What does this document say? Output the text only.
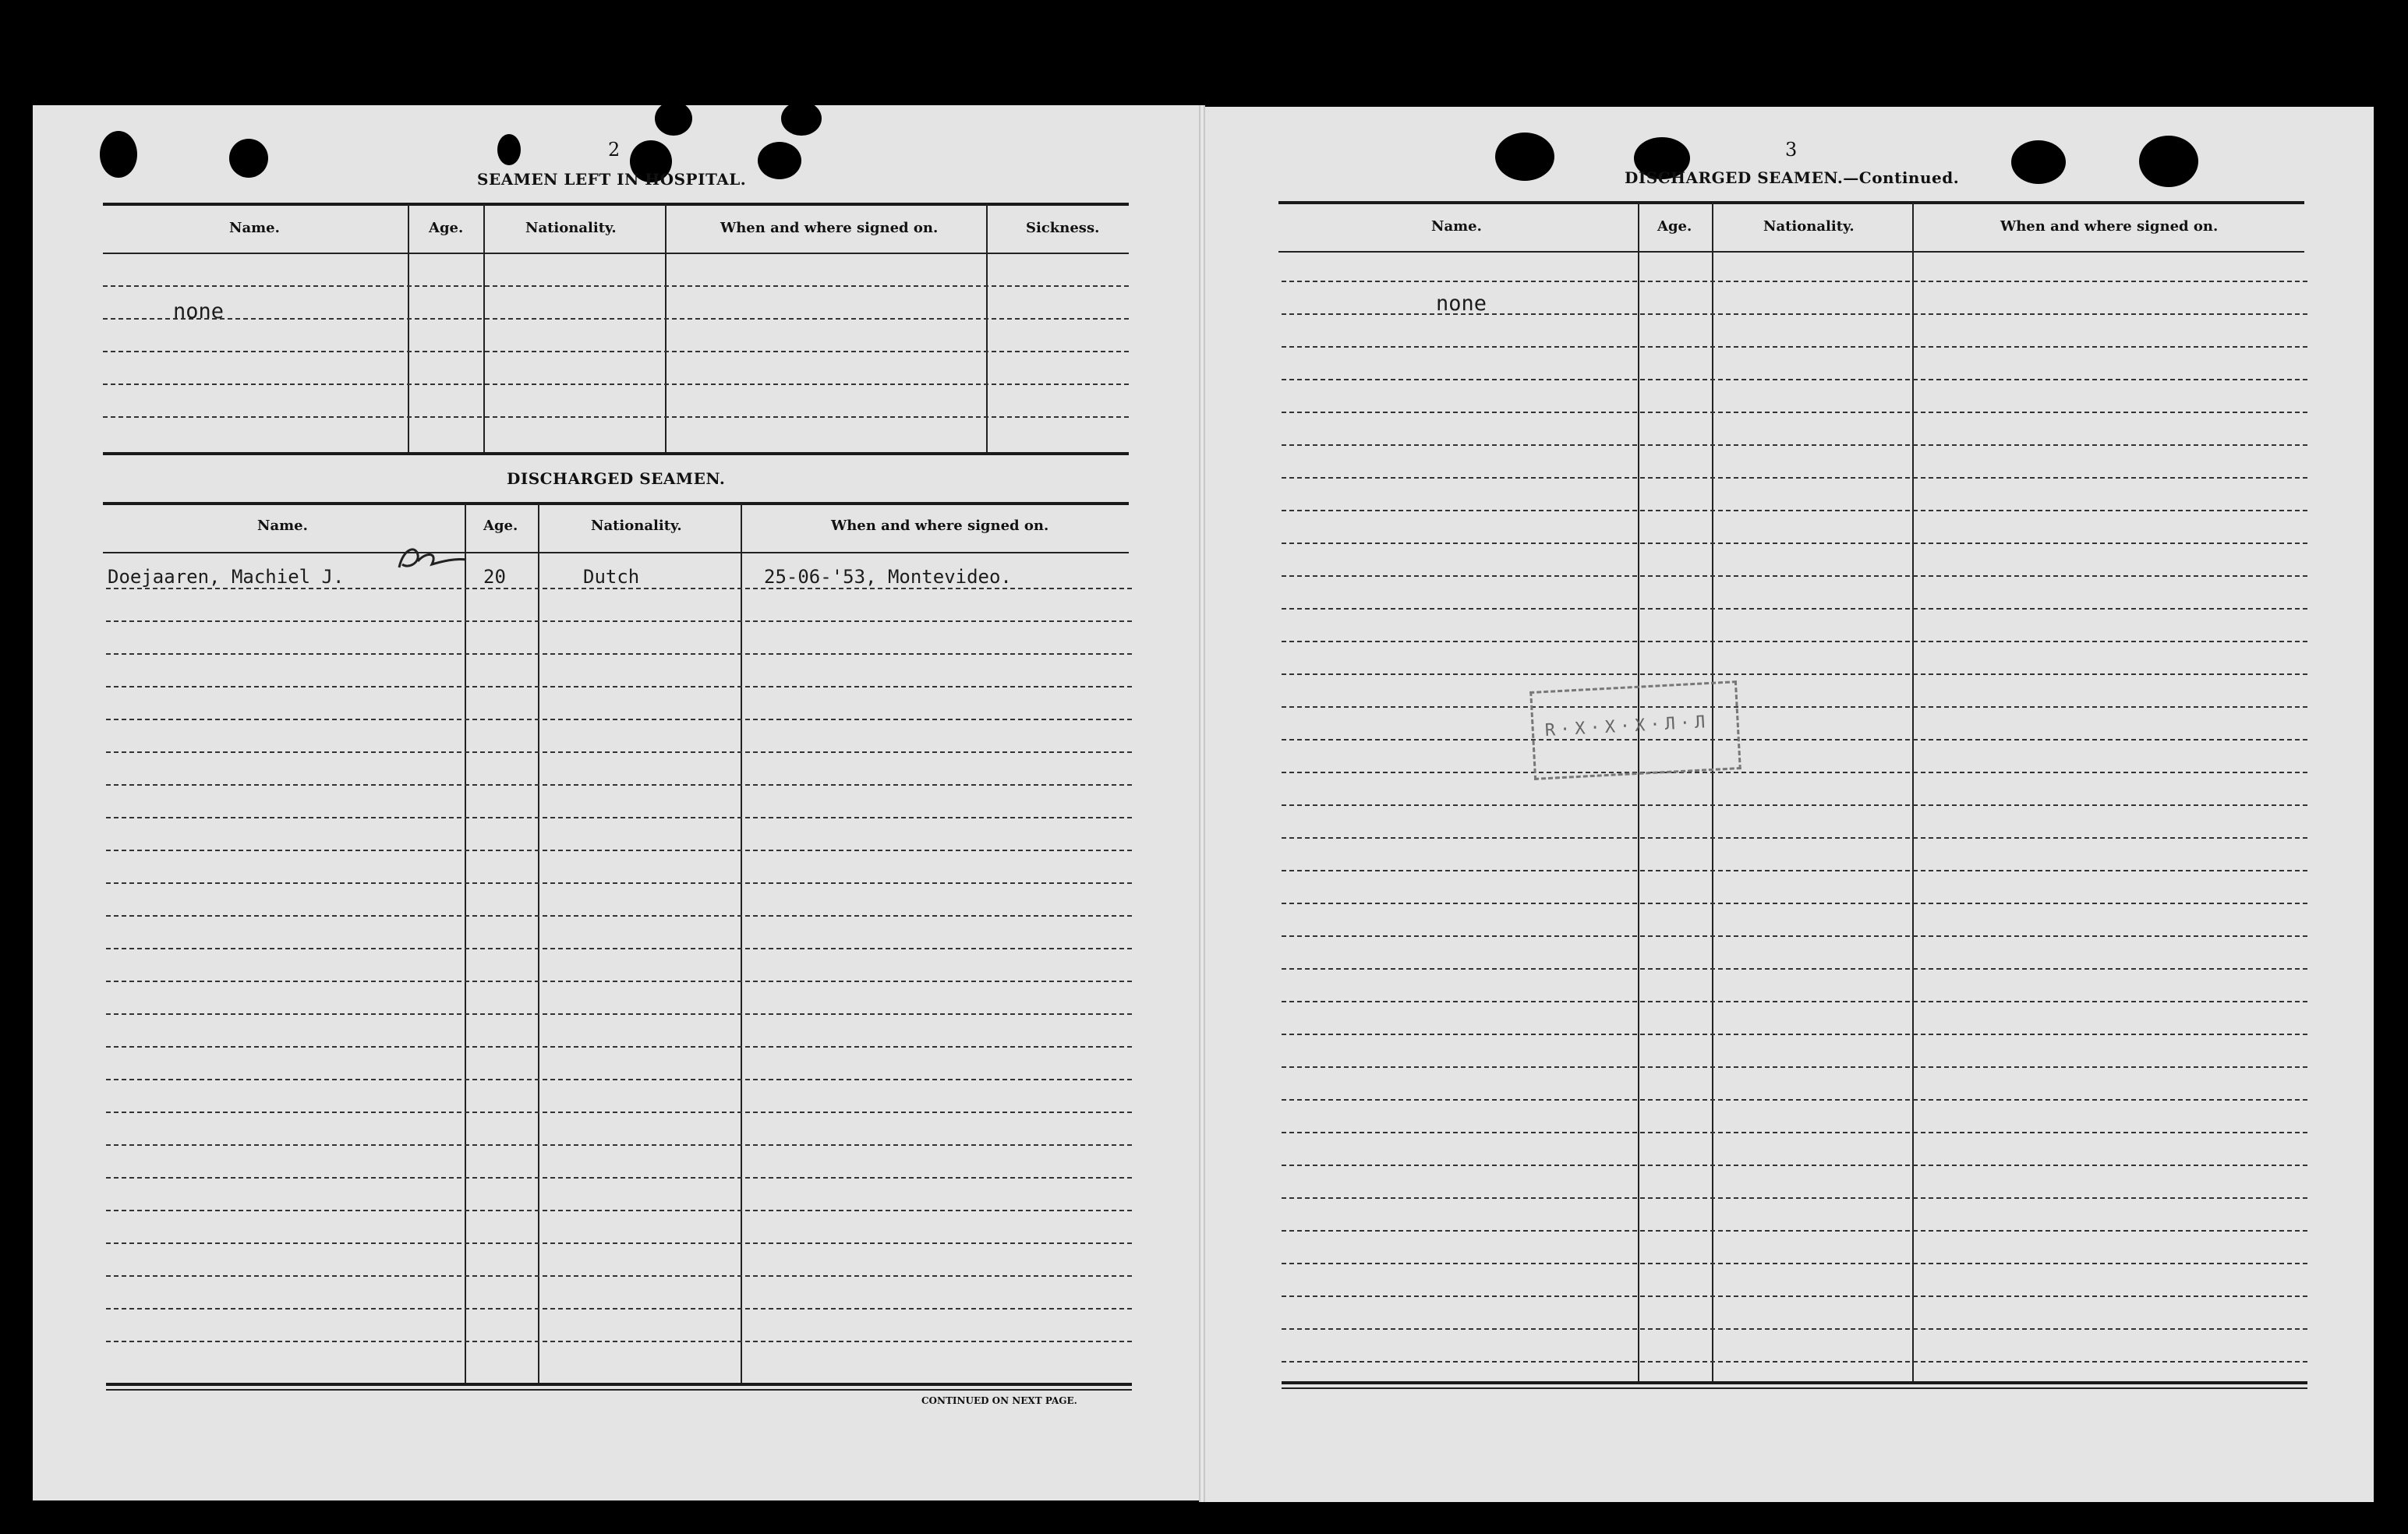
2
SEAMEN LEFT IN HOSPITAL.
Name.	Age.	Nationality.	When and where signed on.	Sickness.
none
DISCHARGED SEAMEN.
Name.	Age.	Nationality.	When and where signed on.
Doejaaren, Machiel J.	20	Dutch	25-06-'53, Montevideo.
CONTINUED ON NEXT PAGE.
3
DISCHARGED SEAMEN.—Continued.
Name.	Age.	Nationality.	When and where signed on.
none
R·X·X·X·Л·Л
